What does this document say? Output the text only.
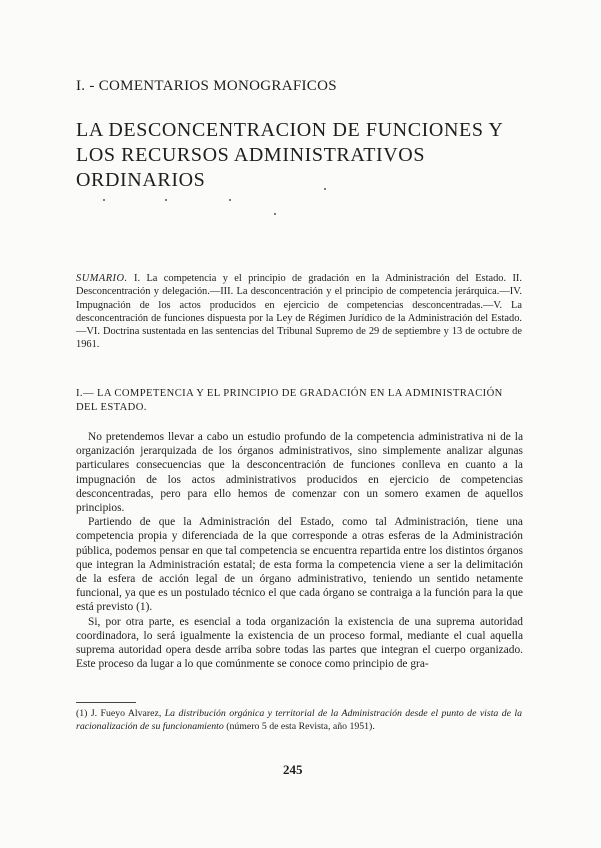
I. - COMENTARIOS MONOGRAFICOS
LA DESCONCENTRACION DE FUNCIONES Y LOS RECURSOS ADMINISTRATIVOS ORDINARIOS

SUMARIO. I. La competencia y el principio de gradación en la Administración del Estado. II. Desconcentración y delegación.—III. La desconcentración y el principio de competencia jerárquica.—IV. Impugnación de los actos producidos en ejercicio de competencias desconcentradas.—V. La desconcentración de funciones dispuesta por la Ley de Régimen Jurídico de la Administración del Estado.—VI. Doctrina sustentada en las sentencias del Tribunal Supremo de 29 de septiembre y 13 de octubre de 1961.

I.— LA COMPETENCIA Y EL PRINCIPIO DE GRADACIÓN EN LA ADMINISTRACIÓN DEL ESTADO.

No pretendemos llevar a cabo un estudio profundo de la competencia administrativa ni de la organización jerarquizada de los órganos administrativos, sino simplemente analizar algunas particulares consecuencias que la desconcentración de funciones conlleva en cuanto a la impugnación de los actos administrativos producidos en ejercicio de competencias desconcentradas, pero para ello hemos de comenzar con un somero examen de aquellos principios.

Partiendo de que la Administración del Estado, como tal Administración, tiene una competencia propia y diferenciada de la que corresponde a otras esferas de la Administración pública, podemos pensar en que tal competencia se encuentra repartida entre los distintos órganos que integran la Administración estatal; de esta forma la competencia viene a ser la delimitación de la esfera de acción legal de un órgano administrativo, teniendo un sentido netamente funcional, ya que es un postulado técnico el que cada órgano se contraiga a la función para la que está previsto (1).

Si, por otra parte, es esencial a toda organización la existencia de una suprema autoridad coordinadora, lo será igualmente la existencia de un proceso formal, mediante el cual aquella suprema autoridad opera desde arriba sobre todas las partes que integran el cuerpo organizado. Este proceso da lugar a lo que comúnmente se conoce como principio de gra-

(1) J. Fueyo Alvarez, La distribución orgánica y territorial de la Administración desde el punto de vista de la racionalización de su funcionamiento (número 5 de esta Revista, año 1951).

245
